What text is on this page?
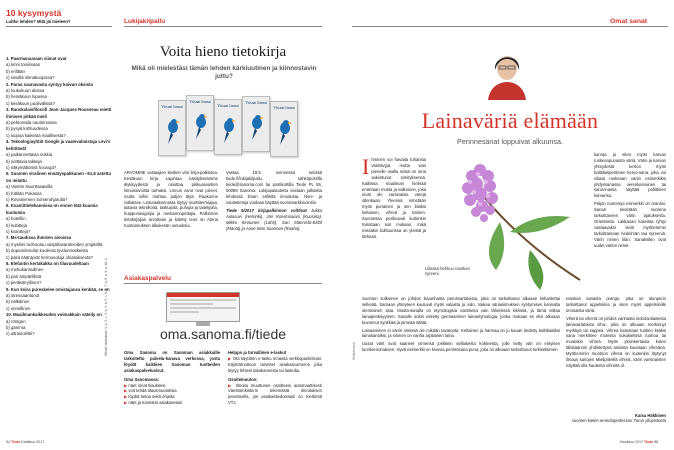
10 kysymystä
Luitko lehden? Mitä jäi mieleen?
1. Paarmanaaraan siimat ovat
a) kinni toisissaan
b) erillään
c) sivuillä sitmakuopissa?
2. Paras saunavasta syntyy koivun oksista
a) loukokuun alussa
b) heinäkuun lopussa
c) kesäkuun puolivälissä?
3. Ranskalaisfilosofi Jean-Jacques Rousseau mietti ihmisen pitkää mieli
a) pehtoreida nautinnoissa
b) pysyä kohtuudessa
c) luopua kaikesta maallisesta?
4. Teknologiayhtiö Google ja vaatevalmistaja Levi's kehittävät
a) paikannettavia sukkia
b) sotttavia takkeja
c) näkymättömiä housuja?
5. Suomen viralinen ennätyspakkanen –51,5 astetta on mitattu
a) Vantön Nuorttasaivilla
b) Kittilän Pokassa
c) Rovaniemen Somerohjarulla?
6. Kvantittielekannissa on ennen tätä kuumia kuulumia
a) hotelliin
b) kubitteja
c) kvantteja?
7. Ms-taudissa ihmisen aivoissa
a) myeliini tuohoutuu vasjähasaralneiden ympäriltä
b) dopamiinisolut kuolevat tyvdunmatkeista
c) pakit nääntyvät hermosoluja ohiatoiksesta?
8. Elefantin kertakakka on tilavuudeltaan
a) mehukannullinen
b) pari ämpärillistä
c) peräkärryllinen?
9. Kun koira pureskelee omistajansa kenkää, se on
a) stressaantunut
b) nälkäinen
c) onnellinen
10. Maailmankaikkeuden voimakkain säteily on
a) röntgen
b) gamma
c) ultraviolettii?	Oikeat vastaukset: 1. b, 2. c, 3. b, 4. b, 5. c, 6. b, 7. a, 8. a, 9. a, 10. b
Lukijakilpailu
Voita hieno tietokirja
Mikä oli mielestäsi tämän lehden kärkiuutinen ja kiinnostavin juttu?
Viisaat linnut
Viisaat linnut
Viisaat linnut
Viisaat linnut
Viisaat linnut

ARVOMME vastaajien kesken viisi kirja-palkintoa. Kesäkuun kirja Lagintaa käsitykssämme älykkyydestä ja osoittaa pikkuaivoisten linnunaivoista turhaksi. Linnun aivot ovat pienet, mutta niihin mahtuu paljon älyä. Raakunne ratkaisee. Linturaakennasta löytyy muistitermiajaa, taitavia tekniikoita, taskujoita, puhujia ja taitelijoita, huippunavigoijia ja mestarinopettajia. Palkinnon tietokirjaljan arvottaan ja kiitetty teos on Atena Kustannuksen alkukesän uutuuksia.

Vastaa 18.6. mennessä netissä tiede.fi/lukijakilpailu, sähköpostilla tiede@sanoma.com tai postikortilla Tiede PL 65, 00089 Sanoma. Lukijapalautetta voidaan julkaista lehdessä ilman erillistä ilmoitusta. Nimi- ja osoitetietoja voidaan käyttää suoramarkkinointiin.

Tiede 5/2017 kirjapalkinnon voittivat Jukka Aulasuvi (Helsinki), Jari Koivimnaiani (Kuusela), Mikko Kinnunen (Lahti), Sari Männistö-Eklöf (Mäntä) ja Anne-Mari Saarinen (Raaha).

Asiakaspalvelu
oma.sanoma.fi/tiede

Oma Sanoma on Sanoman asiakkaille tarkoitettu palvelu-kanava verkossa, josta löydät kaikkien Sanoman tuotteiden asiakaspalvelusivut.

Oma Sanomassa:

▶ näet omat tilauksesi
▶ voit tehdä tilausmuutoksia
▶ löydät tietoa sekä ohjeita
▶ näet ja tunnistat asiakasetusi

Helppo ja turvallinen e-laskut

▶ Ota käyttöön e-lasku omassa verkkopankissasi. Käyttöönottoon tarvitset asiakasnumeron joka löytyy lehtesi takakannesta tai laskulta.

Osoitemuutos:

▶ Ilmoita muuttunee osoitteesi automaattisesti Väestörekisterin tekemästä ilmoituksen perusteella, jos asiakastiedoissasi on merkintä VTJ.
84 Tiede Kesäkuu 2017
Omat sanat
Lainaväriä elämään
Perinnesanat loppuivat alkuunsa.
I hminen voi havaita tuhansia värisävyjä, mutta vain pienelle osalla niistä on oma vakiintunut nimityksensä. Kaikissa maailman kielissä erotetaan musta ja valkoinen, joka eivät ole varsinaisia värejä ollenkaan. Yleensä nimetään myös punainen ja sen lisäksi keltainen, vihreä ja sininen. Suomessa perikoaval kuitenkin toisistaan son mukaan, mikä missäkin kulttuurissa on yleistä ja tärkeää.

Suomen sulkoinen on johdos ikivanhasta perusvartaloista, joka on tarkoittanut alkuaan kirkastettai selkeää. Samaan yhteyteen kuuluvat myös valaista ja valo. Vaikea väriasiimuksen syntymisen kannalta olennainen asia. Musta-sanalla on etymologisia vastineita vain läheisissä kielissä, ja tämä viittaa lainaperäisyyteen. Sanalle onkin esitetty germaaninen lainaetymologia, jonka mukaan se olisi alkuaan kuvannut synkkää ja pimeää säätä.

Lainaaminen ei väriin nimissä ole mikään tavatonta. Keltainen ja harmaa on jo kauan tiedetty balttilaisiksi lainasanoiksi, ja sininen on vanha arjalainen laina.

Uusat värit ovat saaneet nimensä joskkein sellaisesta kohteesta, jolle tietty väri on erityisen luonteenomainen. Hyvä esimerkki on kivuvia perintösana puna, joka on alkuaan tarkoittanut turkiseläimen

Liilassa hehkuu ranskan syreeni.

karvaa ja siten myös karvan ruskeanpunaista väriä. Värin ja karvan yhteydestä kertoo myös balttilaisperäinen kervo-sana, joka voi viitata ruskeaan väriin esimerkiksi yhdyssanassa verenkarvainen tai sanonnassa näyttää pollittinen karvansa.

Paljon nuorempi esimerkki on oranssi. Sanan tiedetään nuorena tarkoittaneen värin ajatuksesta. Oranssista. Lakkanan kasvista ryhtyi vastaavaksi vielä myöhemmin tarkoittamaan hedelmän taa syreeniä. Värin nimen lilan. Sanaksikin ovat uudet värien nimet.

ranskan sanasta orange, joka on alunperin tarkoittanut appelsiinia ja siten myös appelsiinille ominaista väriä.

Viherä tai viheriä on johdos vanhasta indoiranilaisesta lainavartaloista viha-, joka on alkuaan merkinnyt myrkkyä tai sappea. Vihreä katsotaan tuntien lisäksi sana merkitsee monissa sukukielissä ruohoa tai muutakin vihreä. Myös yksinkertaisia kuten lähisäannin yhdistettynä asioista kuvataan vihreänä. Myöhemmin muotoon vihreä on kuitenkin löytynyt ilmaus sanojen Mielipiteellä vihreä, värin varsinaisten näyttää olla hautenta vihreitä ol.

Kaisa Häkkinen
suomen kielen emeritaprofessori Turun yliopistosta
Shutterstock
Kesäkuu 2017 Tiede 85
